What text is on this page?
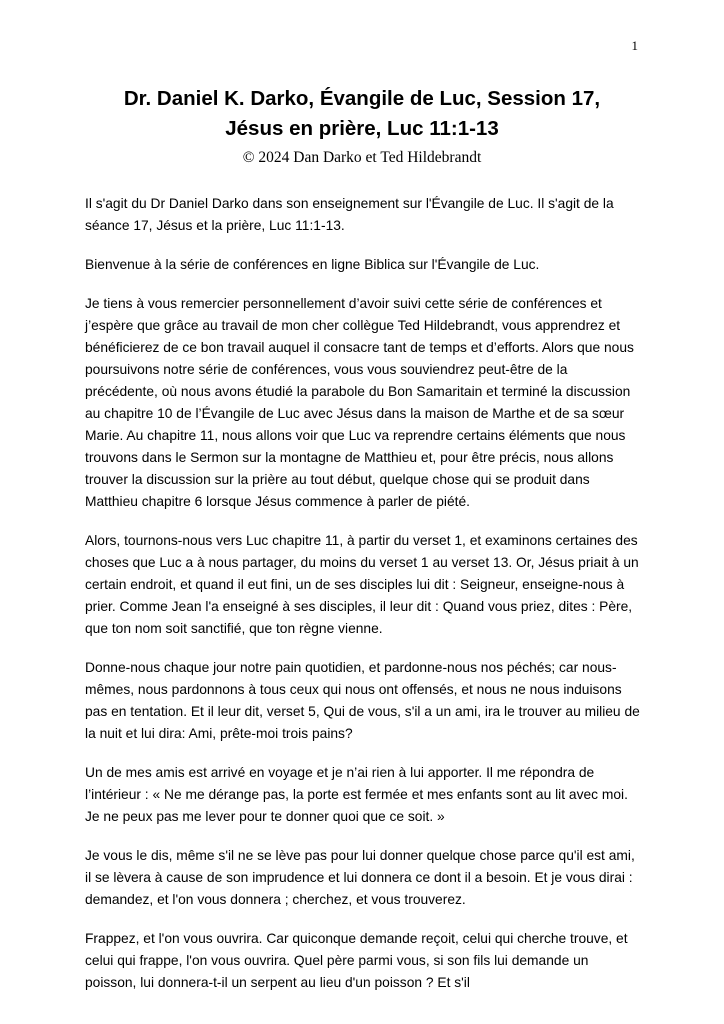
1
Dr. Daniel K. Darko, Évangile de Luc, Session 17,
Jésus en prière, Luc 11:1-13
© 2024 Dan Darko et Ted Hildebrandt

Il s'agit du Dr Daniel Darko dans son enseignement sur l'Évangile de Luc. Il s'agit de la séance 17, Jésus et la prière, Luc 11:1-13.

Bienvenue à la série de conférences en ligne Biblica sur l'Évangile de Luc.

Je tiens à vous remercier personnellement d’avoir suivi cette série de conférences et j’espère que grâce au travail de mon cher collègue Ted Hildebrandt, vous apprendrez et bénéficierez de ce bon travail auquel il consacre tant de temps et d’efforts. Alors que nous poursuivons notre série de conférences, vous vous souviendrez peut-être de la précédente, où nous avons étudié la parabole du Bon Samaritain et terminé la discussion au chapitre 10 de l’Évangile de Luc avec Jésus dans la maison de Marthe et de sa sœur Marie. Au chapitre 11, nous allons voir que Luc va reprendre certains éléments que nous trouvons dans le Sermon sur la montagne de Matthieu et, pour être précis, nous allons trouver la discussion sur la prière au tout début, quelque chose qui se produit dans Matthieu chapitre 6 lorsque Jésus commence à parler de piété.

Alors, tournons-nous vers Luc chapitre 11, à partir du verset 1, et examinons certaines des choses que Luc a à nous partager, du moins du verset 1 au verset 13. Or, Jésus priait à un certain endroit, et quand il eut fini, un de ses disciples lui dit : Seigneur, enseigne-nous à prier. Comme Jean l'a enseigné à ses disciples, il leur dit : Quand vous priez, dites : Père, que ton nom soit sanctifié, que ton règne vienne.

Donne-nous chaque jour notre pain quotidien, et pardonne-nous nos péchés; car nous-mêmes, nous pardonnons à tous ceux qui nous ont offensés, et nous ne nous induisons pas en tentation. Et il leur dit, verset 5, Qui de vous, s'il a un ami, ira le trouver au milieu de la nuit et lui dira: Ami, prête-moi trois pains?

Un de mes amis est arrivé en voyage et je n’ai rien à lui apporter. Il me répondra de l’intérieur : « Ne me dérange pas, la porte est fermée et mes enfants sont au lit avec moi. Je ne peux pas me lever pour te donner quoi que ce soit. »

Je vous le dis, même s'il ne se lève pas pour lui donner quelque chose parce qu'il est ami, il se lèvera à cause de son imprudence et lui donnera ce dont il a besoin. Et je vous dirai : demandez, et l'on vous donnera ; cherchez, et vous trouverez.

Frappez, et l'on vous ouvrira. Car quiconque demande reçoit, celui qui cherche trouve, et celui qui frappe, l'on vous ouvrira. Quel père parmi vous, si son fils lui demande un poisson, lui donnera-t-il un serpent au lieu d'un poisson ? Et s'il
